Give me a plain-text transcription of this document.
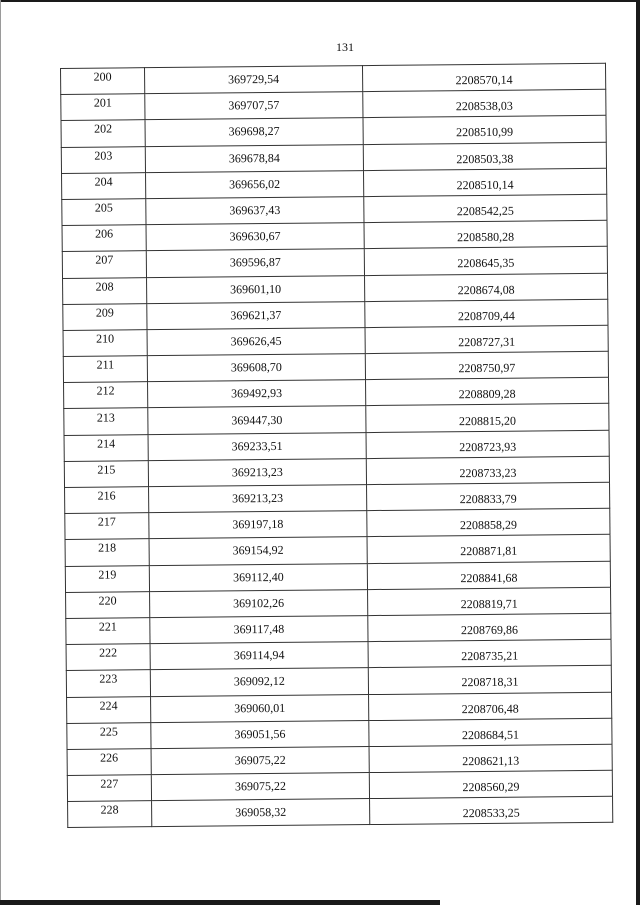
131
200	369729,54	2208570,14
201	369707,57	2208538,03
202	369698,27	2208510,99
203	369678,84	2208503,38
204	369656,02	2208510,14
205	369637,43	2208542,25
206	369630,67	2208580,28
207	369596,87	2208645,35
208	369601,10	2208674,08
209	369621,37	2208709,44
210	369626,45	2208727,31
211	369608,70	2208750,97
212	369492,93	2208809,28
213	369447,30	2208815,20
214	369233,51	2208723,93
215	369213,23	2208733,23
216	369213,23	2208833,79
217	369197,18	2208858,29
218	369154,92	2208871,81
219	369112,40	2208841,68
220	369102,26	2208819,71
221	369117,48	2208769,86
222	369114,94	2208735,21
223	369092,12	2208718,31
224	369060,01	2208706,48
225	369051,56	2208684,51
226	369075,22	2208621,13
227	369075,22	2208560,29
228	369058,32	2208533,25
